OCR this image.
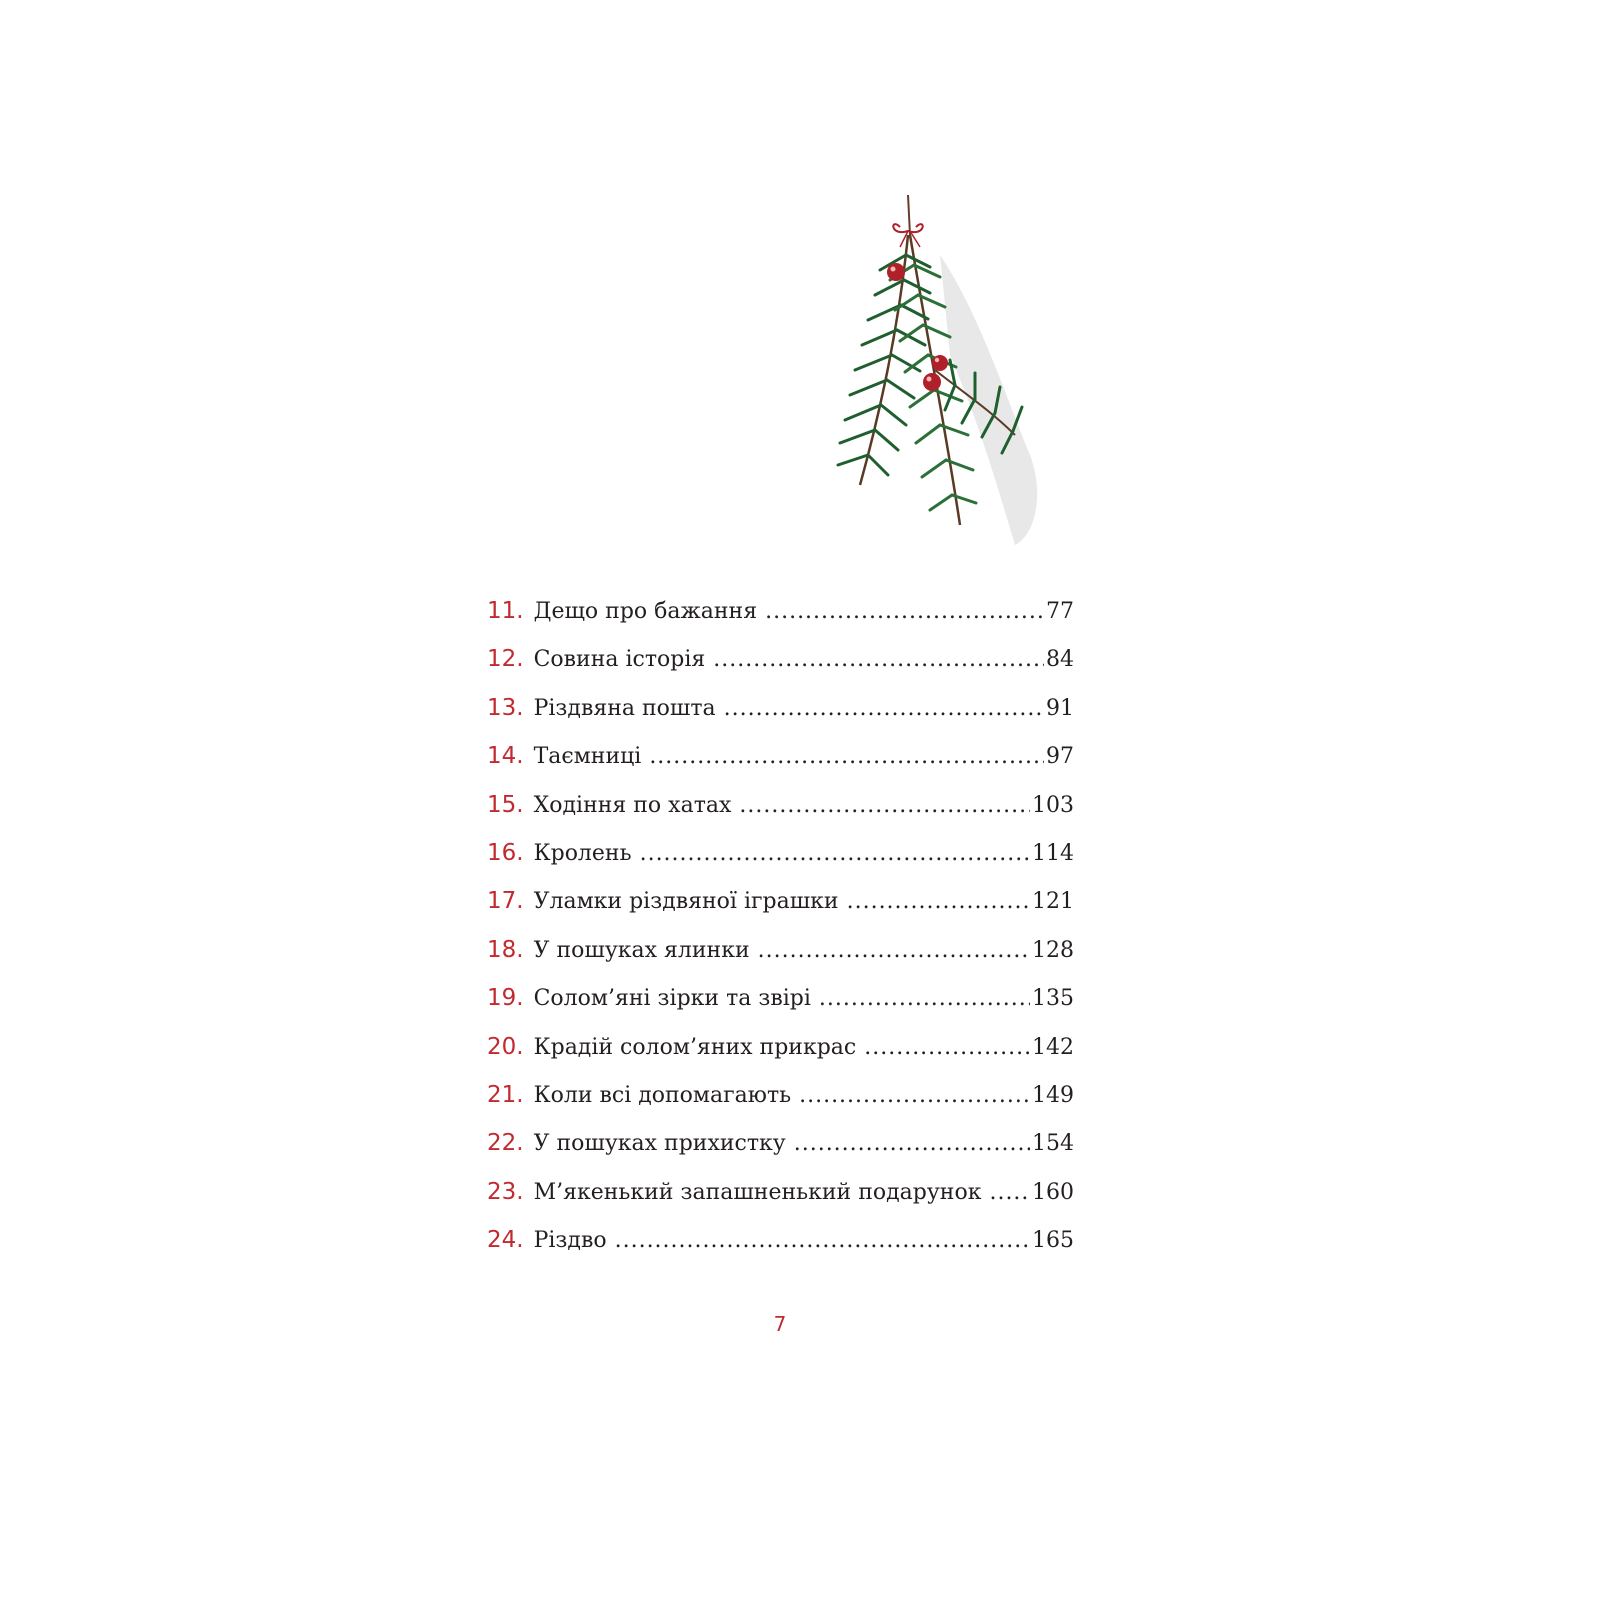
11. Дещо про бажання .....	77
12. Совина історія .....	84
13. Різдвяна пошта .....	91
14. Таємниці .....	97
15. Ходіння по хатах .....	103
16. Кролень .....	114
17. Уламки різдвяної іграшки .....	121
18. У пошуках ялинки .....	128
19. Солом’яні зірки та звірі .....	135
20. Крадій солом’яних прикрас .....	142
21. Коли всі допомагають .....	149
22. У пошуках прихистку .....	154
23. М’якенький запашненький подарунок .....	160
24. Різдво .....	165
7
